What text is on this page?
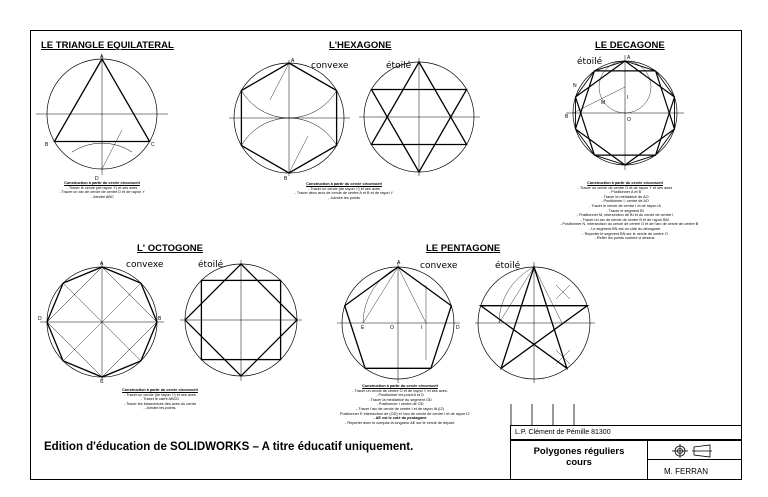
LE TRIANGLE EQUILATERAL	L'HEXAGONE	LE DECAGONE
L' OCTOGONE	LE PENTAGONE
convexe	étoilé	étoilé
convexe	étoilé	convexe	étoilé
A
B	C
D
A
B
A
N
M
I
B	O
A
B
C
D
A
E	O	I	D
Construction à partir du cercle circonscrit
- Tracer le cercle (de rayon 'r') et ses axes
- Tracer un arc de cercle de centre D et de rayon 'r'
- Joindre ABC
Construction à partir du cercle circonscrit
- Tracer un cercle (de rayon 'r') et ses axes
- Tracer deux arcs de cercle de centre A et B et de rayon 'r'
- Joindre les points
Construction à partir du cercle circonscrit
- Tracer un cercle de centre O et de rayon 'r' et ses axes
- Positionner A et B
- Tracer la médiatrice de AO
- Positionner I, centre de AO
- Tracer le cercle de centre I et de rayon IA
- Tracer le segment BI
- Positionner M, intersection de BI et du cercle de centre I
- Tracer un arc de cercle de centre B et de rayon BM.
- Positionner N, intersection du cercle de centre O et de l'arc de cercle de centre B
- Le segment BN est un côté du décagone.
- Reporter le segment BN sur le cercle de centre O
- Relier les points comme ci dessus.
Construction à partir du cercle circonscrit
- Tracer un cercle (de rayon 'r') et ses axes
- Tracer le carré ABCD
- Tracer les bissectrices des axes du cercle
- Joindre les points.
Construction à partir du cercle circonscrit
- Tracer un cercle de centre O et de rayon 'r' et ses axes.
- Positionner les point A et D
- Tracer la médiatrice du segment OD
- Positionner I centre de OD
- Tracer l'arc de cercle de centre I et de rayon IA (I2)
Positionner E intersection de (OD) et l'arc de cercle de centre I et de rayon I2
- AE est le coté du pentagone
- Reporter avec le compas la longueur AE sur le cercle de départ.
Edition d'éducation de SOLIDWORKS – A titre éducatif uniquement.
L.P. Clément de Pémille 81300
Polygones réguliers
cours
M. FERRAN
